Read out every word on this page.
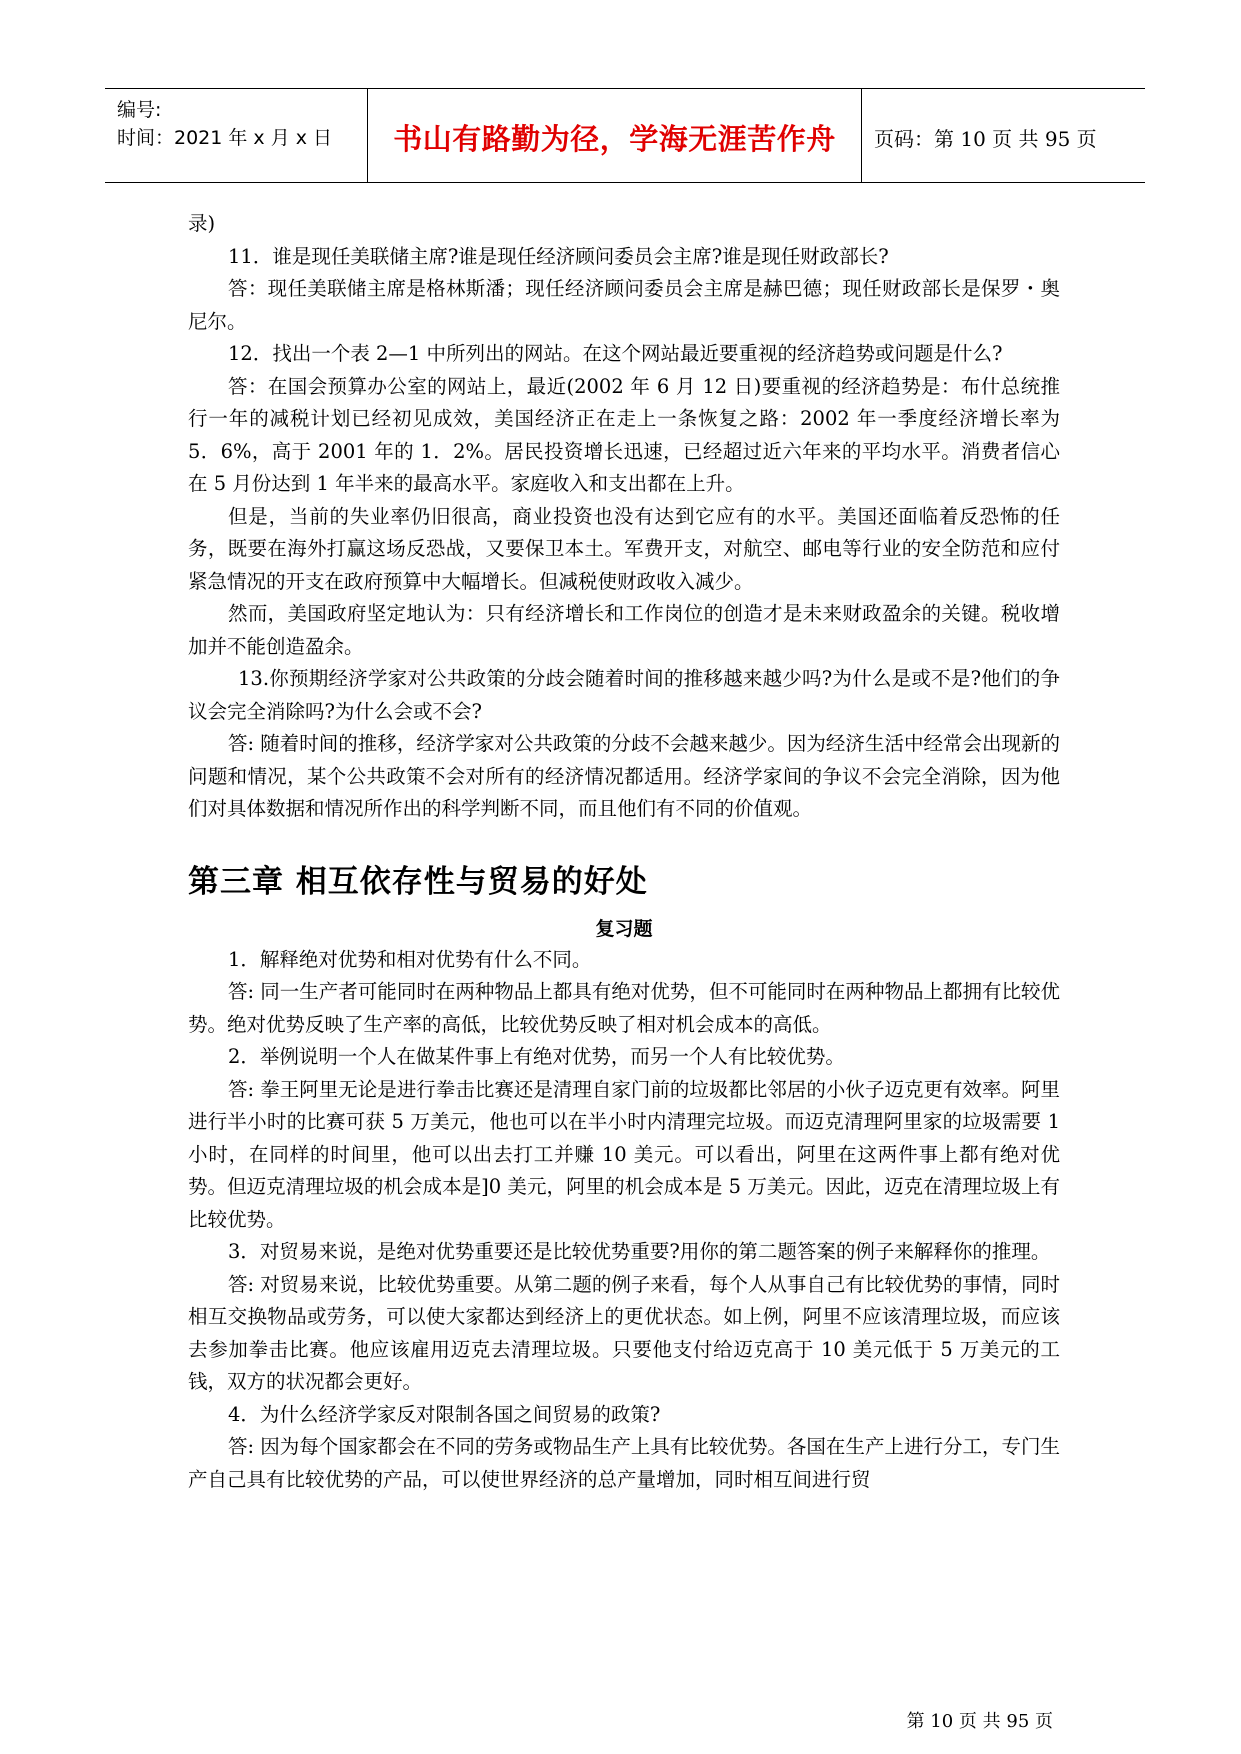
编号:
时间：2021 年 x 月 x 日	书山有路勤为径，学海无涯苦作舟	页码：第 10 页 共 95 页

录)

11．谁是现任美联储主席?谁是现任经济顾问委员会主席?谁是现任财政部长?

答：现任美联储主席是格林斯潘；现任经济顾问委员会主席是赫巴德；现任财政部长是保罗・奥尼尔。

12．找出一个表 2—1 中所列出的网站。在这个网站最近要重视的经济趋势或问题是什么?

答：在国会预算办公室的网站上，最近(2002 年 6 月 12 日)要重视的经济趋势是：布什总统推行一年的减税计划已经初见成效，美国经济正在走上一条恢复之路：2002 年一季度经济增长率为 5．6%，高于 2001 年的 1．2%。居民投资增长迅速，已经超过近六年来的平均水平。消费者信心在 5 月份达到 1 年半来的最高水平。家庭收入和支出都在上升。

但是，当前的失业率仍旧很高，商业投资也没有达到它应有的水平。美国还面临着反恐怖的任务，既要在海外打赢这场反恐战，又要保卫本土。军费开支，对航空、邮电等行业的安全防范和应付紧急情况的开支在政府预算中大幅增长。但减税使财政收入减少。

然而，美国政府坚定地认为：只有经济增长和工作岗位的创造才是未来财政盈余的关键。税收增加并不能创造盈余。

13.你预期经济学家对公共政策的分歧会随着时间的推移越来越少吗?为什么是或不是?他们的争议会完全消除吗?为什么会或不会?

答: 随着时间的推移，经济学家对公共政策的分歧不会越来越少。因为经济生活中经常会出现新的问题和情况，某个公共政策不会对所有的经济情况都适用。经济学家间的争议不会完全消除，因为他们对具体数据和情况所作出的科学判断不同，而且他们有不同的价值观。

第三章 相互依存性与贸易的好处
复习题

1．解释绝对优势和相对优势有什么不同。

答: 同一生产者可能同时在两种物品上都具有绝对优势，但不可能同时在两种物品上都拥有比较优势。绝对优势反映了生产率的高低，比较优势反映了相对机会成本的高低。

2．举例说明一个人在做某件事上有绝对优势，而另一个人有比较优势。

答: 拳王阿里无论是进行拳击比赛还是清理自家门前的垃圾都比邻居的小伙子迈克更有效率。阿里进行半小时的比赛可获 5 万美元，他也可以在半小时内清理完垃圾。而迈克清理阿里家的垃圾需要 1 小时，在同样的时间里，他可以出去打工并赚 10 美元。可以看出，阿里在这两件事上都有绝对优势。但迈克清理垃圾的机会成本是]0 美元，阿里的机会成本是 5 万美元。因此，迈克在清理垃圾上有比较优势。

3．对贸易来说，是绝对优势重要还是比较优势重要?用你的第二题答案的例子来解释你的推理。

答: 对贸易来说，比较优势重要。从第二题的例子来看，每个人从事自己有比较优势的事情，同时相互交换物品或劳务，可以使大家都达到经济上的更优状态。如上例，阿里不应该清理垃圾，而应该去参加拳击比赛。他应该雇用迈克去清理垃圾。只要他支付给迈克高于 10 美元低于 5 万美元的工钱，双方的状况都会更好。

4．为什么经济学家反对限制各国之间贸易的政策?

答: 因为每个国家都会在不同的劳务或物品生产上具有比较优势。各国在生产上进行分工，专门生产自己具有比较优势的产品，可以使世界经济的总产量增加，同时相互间进行贸

第 10 页 共 95 页
